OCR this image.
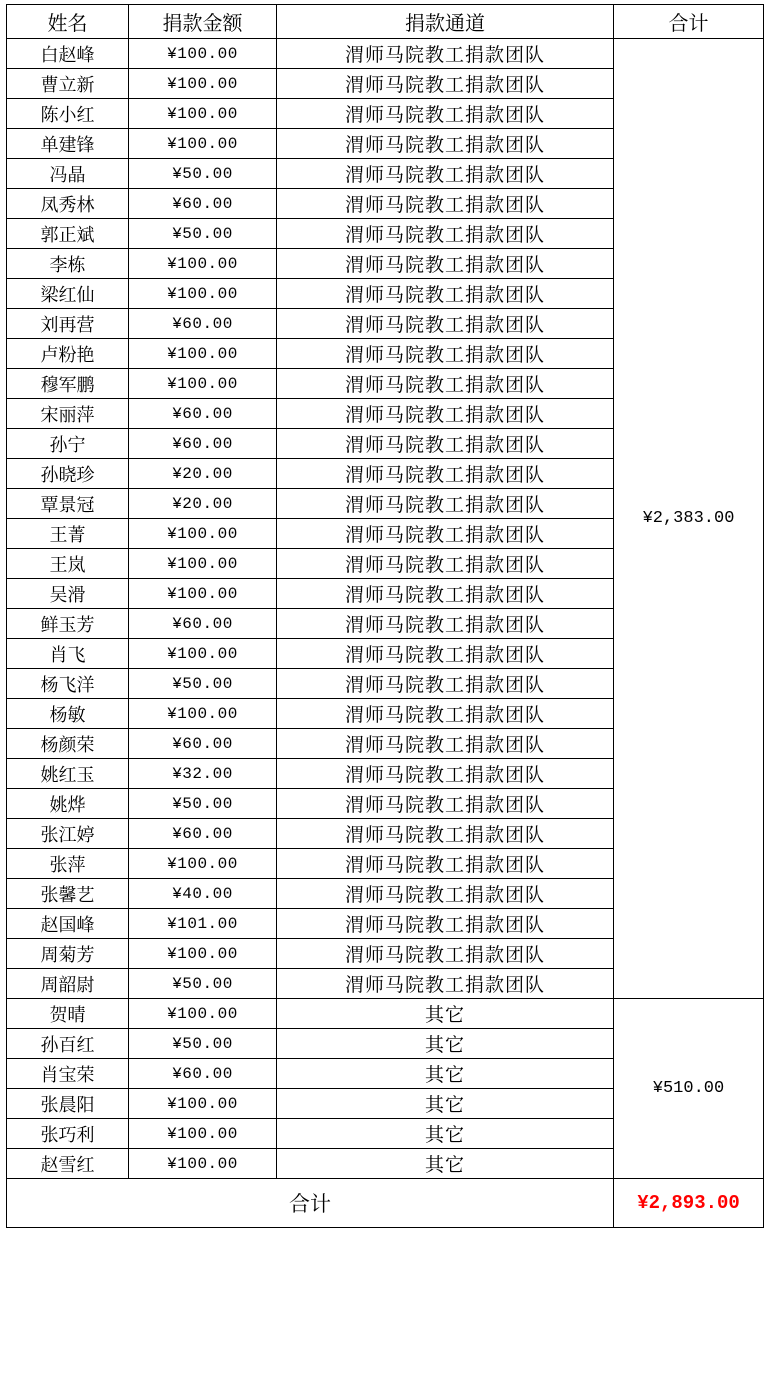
姓名	捐款金额	捐款通道	合计
白赵峰	¥100.00	渭师马院教工捐款团队	¥2,383.00
曹立新	¥100.00	渭师马院教工捐款团队	
陈小红	¥100.00	渭师马院教工捐款团队	
单建锋	¥100.00	渭师马院教工捐款团队	
冯晶	¥50.00	渭师马院教工捐款团队	
凤秀林	¥60.00	渭师马院教工捐款团队	
郭正斌	¥50.00	渭师马院教工捐款团队	
李栋	¥100.00	渭师马院教工捐款团队	
梁红仙	¥100.00	渭师马院教工捐款团队	
刘再营	¥60.00	渭师马院教工捐款团队	
卢粉艳	¥100.00	渭师马院教工捐款团队	
穆军鹏	¥100.00	渭师马院教工捐款团队	
宋丽萍	¥60.00	渭师马院教工捐款团队	
孙宁	¥60.00	渭师马院教工捐款团队	
孙晓珍	¥20.00	渭师马院教工捐款团队	
覃景冠	¥20.00	渭师马院教工捐款团队	
王菁	¥100.00	渭师马院教工捐款团队	
王岚	¥100.00	渭师马院教工捐款团队	
吴滑	¥100.00	渭师马院教工捐款团队	
鲜玉芳	¥60.00	渭师马院教工捐款团队	
肖飞	¥100.00	渭师马院教工捐款团队	
杨飞洋	¥50.00	渭师马院教工捐款团队	
杨敏	¥100.00	渭师马院教工捐款团队	
杨颜荣	¥60.00	渭师马院教工捐款团队	
姚红玉	¥32.00	渭师马院教工捐款团队	
姚烨	¥50.00	渭师马院教工捐款团队	
张江婷	¥60.00	渭师马院教工捐款团队	
张萍	¥100.00	渭师马院教工捐款团队	
张馨艺	¥40.00	渭师马院教工捐款团队	
赵国峰	¥101.00	渭师马院教工捐款团队	
周菊芳	¥100.00	渭师马院教工捐款团队	
周韶尉	¥50.00	渭师马院教工捐款团队	
贺晴	¥100.00	其它	¥510.00
孙百红	¥50.00	其它	
肖宝荣	¥60.00	其它	
张晨阳	¥100.00	其它	
张巧利	¥100.00	其它	
赵雪红	¥100.00	其它	
合计			¥2,893.00
